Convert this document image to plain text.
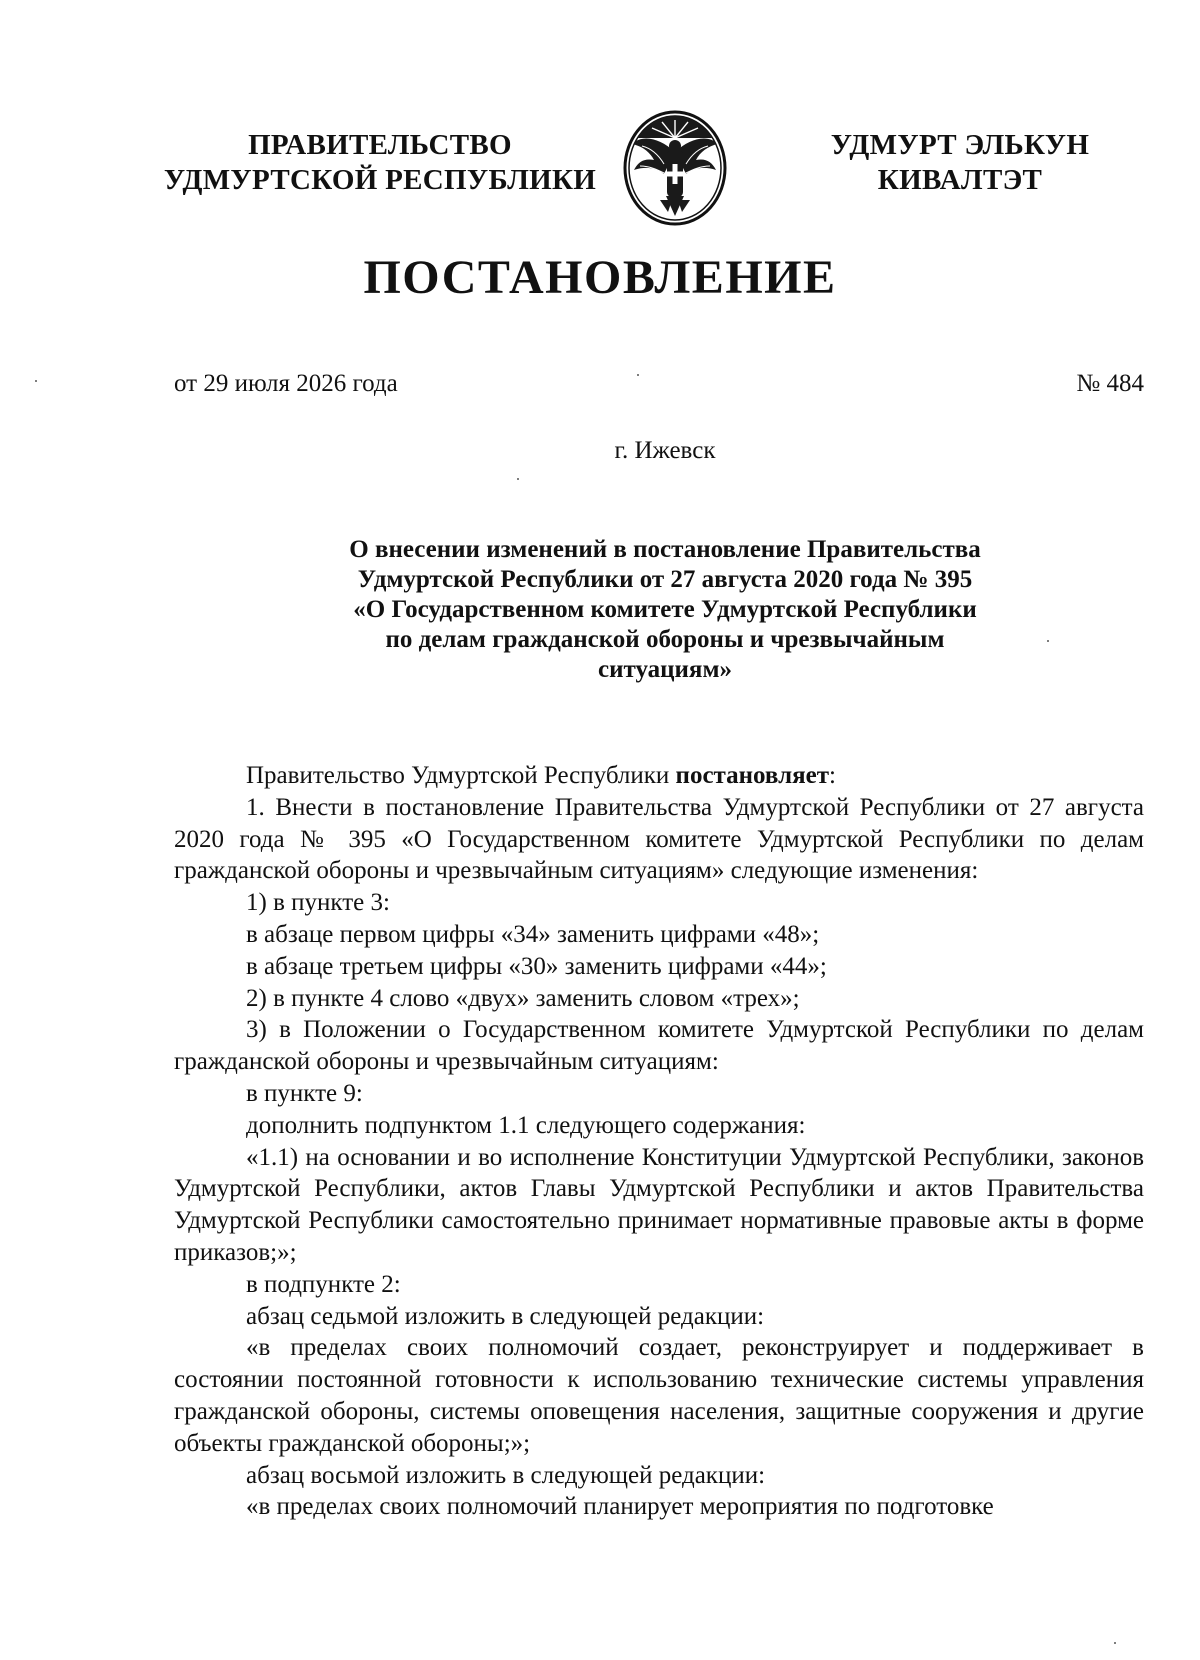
ПРАВИТЕЛЬСТВО
УДМУРТСКОЙ РЕСПУБЛИКИ
УДМУРТ ЭЛЬКУН
КИВАЛТЭТ
ПОСТАНОВЛЕНИЕ
от 29 июля 2026 года	№ 484
г. Ижевск
О внесении изменений в постановление Правительства
Удмуртской Республики от 27 августа 2020 года № 395
«О Государственном комитете Удмуртской Республики
по делам гражданской обороны и чрезвычайным
ситуациям»

Правительство Удмуртской Республики постановляет:

1. Внести в постановление Правительства Удмуртской Республики от 27 августа 2020 года № 395 «О Государственном комитете Удмуртской Республики по делам гражданской обороны и чрезвычайным ситуациям» следующие изменения:

1) в пункте 3:

в абзаце первом цифры «34» заменить цифрами «48»;

в абзаце третьем цифры «30» заменить цифрами «44»;

2) в пункте 4 слово «двух» заменить словом «трех»;

3) в Положении о Государственном комитете Удмуртской Республики по делам гражданской обороны и чрезвычайным ситуациям:

в пункте 9:

дополнить подпунктом 1.1 следующего содержания:

«1.1) на основании и во исполнение Конституции Удмуртской Республики, законов Удмуртской Республики, актов Главы Удмуртской Республики и актов Правительства Удмуртской Республики самостоятельно принимает нормативные правовые акты в форме приказов;»;

в подпункте 2:

абзац седьмой изложить в следующей редакции:

«в пределах своих полномочий создает, реконструирует и поддерживает в состоянии постоянной готовности к использованию технические системы управления гражданской обороны, системы оповещения населения, защитные сооружения и другие объекты гражданской обороны;»;

абзац восьмой изложить в следующей редакции:

«в пределах своих полномочий планирует мероприятия по подготовке
